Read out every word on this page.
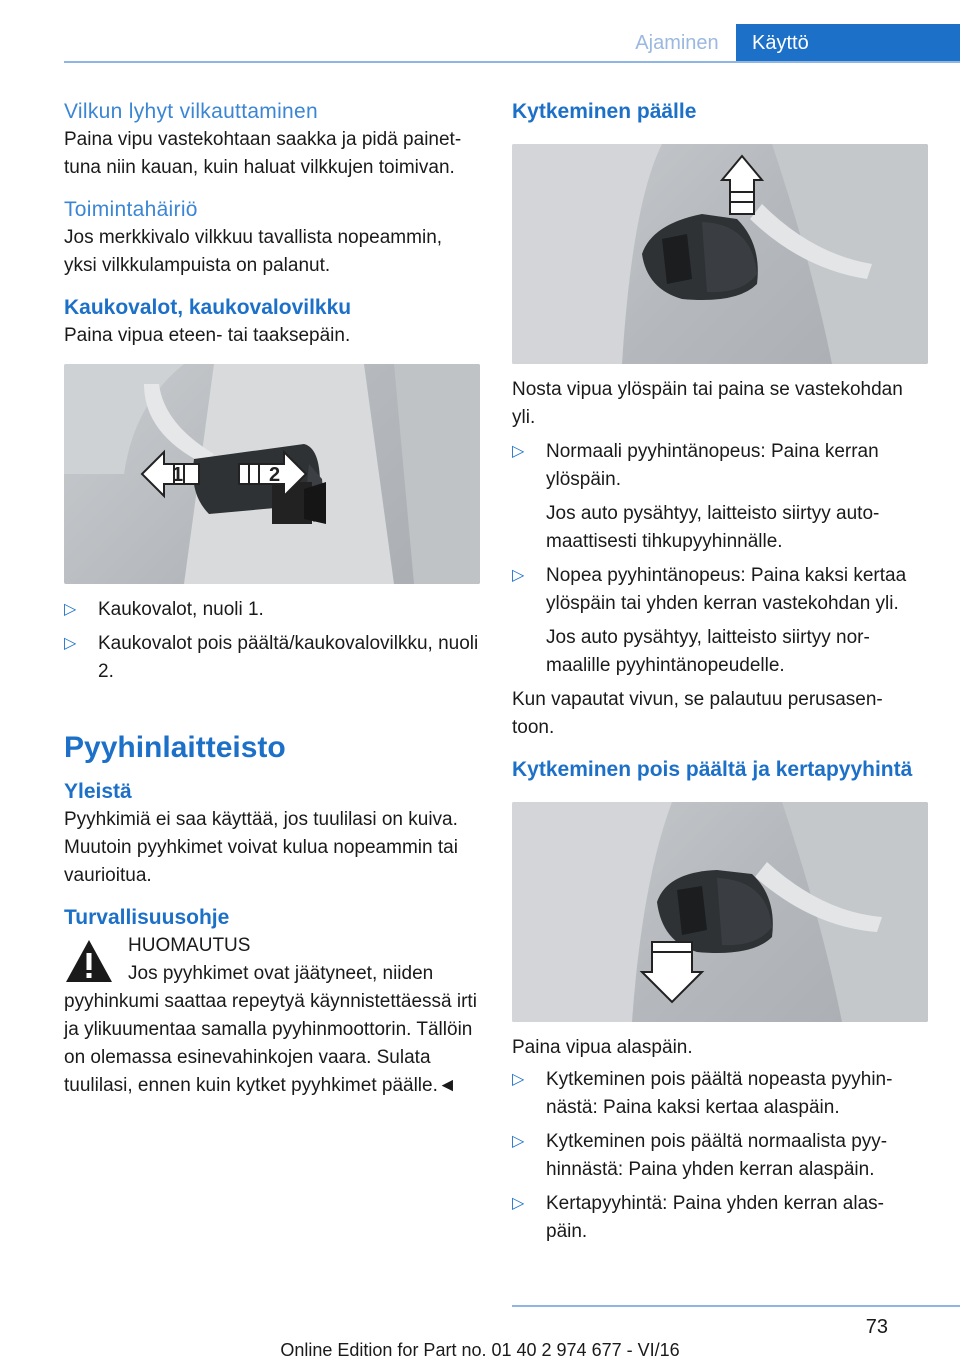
Ajaminen	Käyttö

Vilkun lyhyt vilkauttaminen

Paina vipu vastekohtaan saakka ja pidä painet- tuna niin kauan, kuin haluat vilkkujen toimivan.

Toimintahäiriö

Jos merkkivalo vilkkuu tavallista nopeammin, yksi vilkkulampuista on palanut.

Kaukovalot, kaukovalovilkku

Paina vipua eteen- tai taaksepäin.

1	2
▷	Kaukovalot, nuoli 1.
▷	Kaukovalot pois päältä/kaukovalovilkku, nuoli 2.

Pyyhinlaitteisto

Yleistä

Pyyhkimiä ei saa käyttää, jos tuulilasi on kuiva. Muutoin pyyhkimet voivat kulua nopeammin tai vaurioitua.

Turvallisuusohje

HUOMAUTUS

Jos pyyhkimet ovat jäätyneet, niiden

pyyhinkumi saattaa repeytyä käynnistettäessä irti ja ylikuumentaa samalla pyyhinmoottorin. Tällöin on olemassa esinevahinkojen vaara. Sulata tuulilasi, ennen kuin kytket pyyhkimet päälle.◄

Kytkeminen päälle

Nosta vipua ylöspäin tai paina se vastekohdan yli.

▷	Normaali pyyhintänopeus: Paina kerran ylöspäin.
Jos auto pysähtyy, laitteisto siirtyy auto- maattisesti tihkupyyhinnälle.
▷	Nopea pyyhintänopeus: Paina kaksi kertaa ylöspäin tai yhden kerran vastekohdan yli.
Jos auto pysähtyy, laitteisto siirtyy nor- maalille pyyhintänopeudelle.

Kun vapautat vivun, se palautuu perusasen- toon.

Kytkeminen pois päältä ja kertapyyhintä

Paina vipua alaspäin.

▷	Kytkeminen pois päältä nopeasta pyyhin- nästä: Paina kaksi kertaa alaspäin.
▷	Kytkeminen pois päältä normaalista pyy- hinnästä: Paina yhden kerran alaspäin.
▷	Kertapyyhintä: Paina yhden kerran alas- päin.
73
Online Edition for Part no. 01 40 2 974 677 - VI/16
